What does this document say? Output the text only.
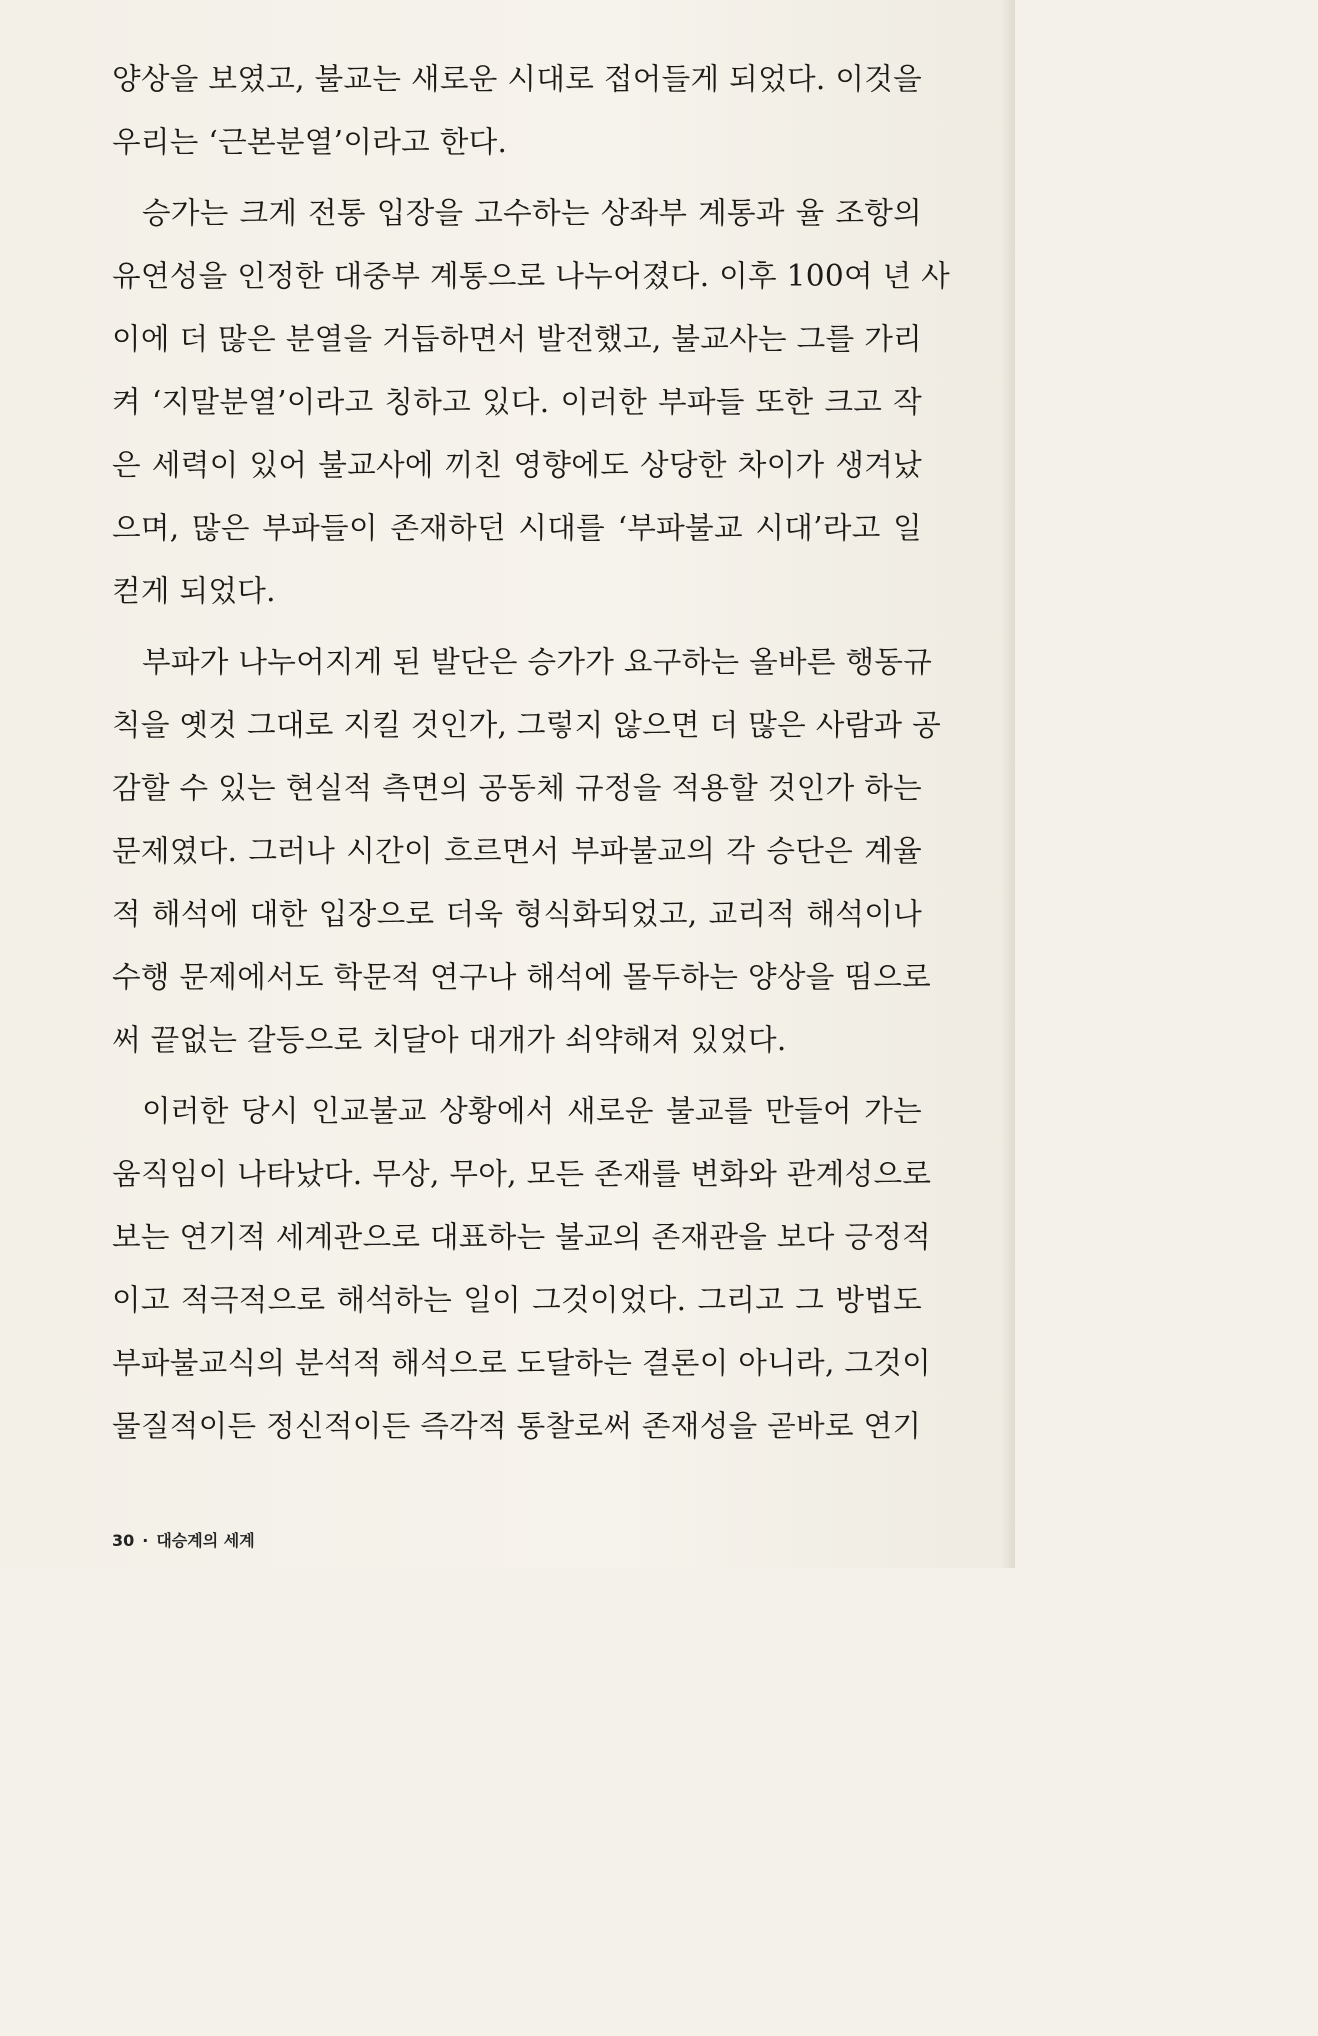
양상을 보였고, 불교는 새로운 시대로 접어들게 되었다. 이것을
우리는 ‘근본분열’이라고 한다.
승가는 크게 전통 입장을 고수하는 상좌부 계통과 율 조항의
유연성을 인정한 대중부 계통으로 나누어졌다. 이후 100여 년 사
이에 더 많은 분열을 거듭하면서 발전했고, 불교사는 그를 가리
켜 ‘지말분열’이라고 칭하고 있다. 이러한 부파들 또한 크고 작
은 세력이 있어 불교사에 끼친 영향에도 상당한 차이가 생겨났
으며, 많은 부파들이 존재하던 시대를 ‘부파불교 시대’라고 일
컫게 되었다.
부파가 나누어지게 된 발단은 승가가 요구하는 올바른 행동규
칙을 옛것 그대로 지킬 것인가, 그렇지 않으면 더 많은 사람과 공
감할 수 있는 현실적 측면의 공동체 규정을 적용할 것인가 하는
문제였다. 그러나 시간이 흐르면서 부파불교의 각 승단은 계율
적 해석에 대한 입장으로 더욱 형식화되었고, 교리적 해석이나
수행 문제에서도 학문적 연구나 해석에 몰두하는 양상을 띰으로
써 끝없는 갈등으로 치달아 대개가 쇠약해져 있었다.
이러한 당시 인교불교 상황에서 새로운 불교를 만들어 가는
움직임이 나타났다. 무상, 무아, 모든 존재를 변화와 관계성으로
보는 연기적 세계관으로 대표하는 불교의 존재관을 보다 긍정적
이고 적극적으로 해석하는 일이 그것이었다. 그리고 그 방법도
부파불교식의 분석적 해석으로 도달하는 결론이 아니라, 그것이
물질적이든 정신적이든 즉각적 통찰로써 존재성을 곧바로 연기
30 · 대승계의 세계
